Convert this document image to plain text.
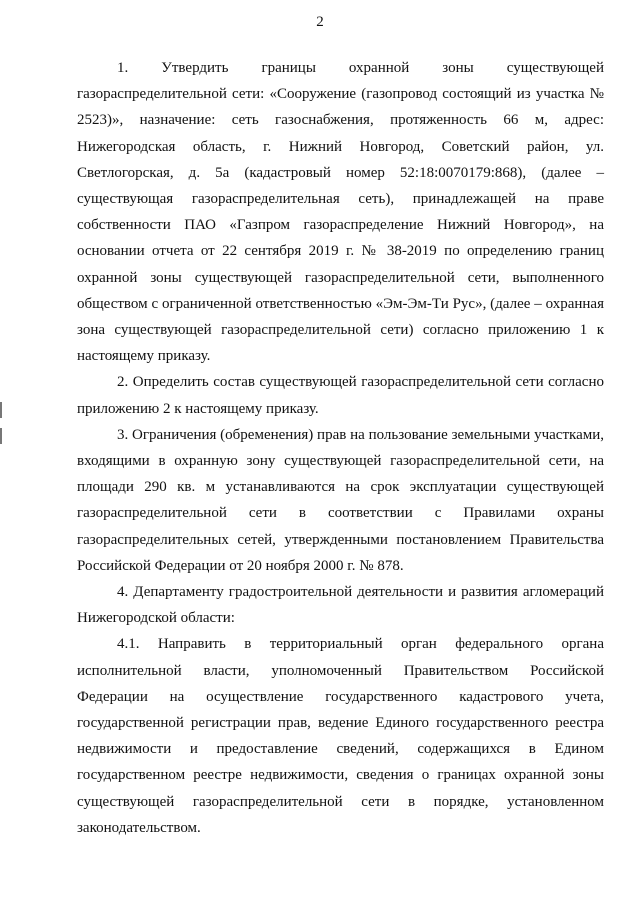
2

1. Утвердить границы охранной зоны существующей газораспределительной сети: «Сооружение (газопровод состоящий из участка № 2523)», назначение: сеть газоснабжения, протяженность 66 м, адрес: Нижегородская область, г. Нижний Новгород, Советский район, ул. Светлогорская, д. 5а (кадастровый номер 52:18:0070179:868), (далее – существующая газораспределительная сеть), принадлежащей на праве собственности ПАО «Газпром газораспределение Нижний Новгород», на основании отчета от 22 сентября 2019 г. № 38-2019 по определению границ охранной зоны существующей газораспределительной сети, выполненного обществом с ограниченной ответственностью «Эм-Эм-Ти Рус», (далее – охранная зона существующей газораспределительной сети) согласно приложению 1 к настоящему приказу.

2. Определить состав существующей газораспределительной сети согласно приложению 2 к настоящему приказу.

3. Ограничения (обременения) прав на пользование земельными участками, входящими в охранную зону существующей газораспределительной сети, на площади 290 кв. м устанавливаются на срок эксплуатации существующей газораспределительной сети в соответствии с Правилами охраны газораспределительных сетей, утвержденными постановлением Правительства Российской Федерации от 20 ноября 2000 г. № 878.

4. Департаменту градостроительной деятельности и развития агломераций Нижегородской области:

4.1. Направить в территориальный орган федерального органа исполнительной власти, уполномоченный Правительством Российской Федерации на осуществление государственного кадастрового учета, государственной регистрации прав, ведение Единого государственного реестра недвижимости и предоставление сведений, содержащихся в Едином государственном реестре недвижимости, сведения о границах охранной зоны существующей газораспределительной сети в порядке, установленном законодательством.
